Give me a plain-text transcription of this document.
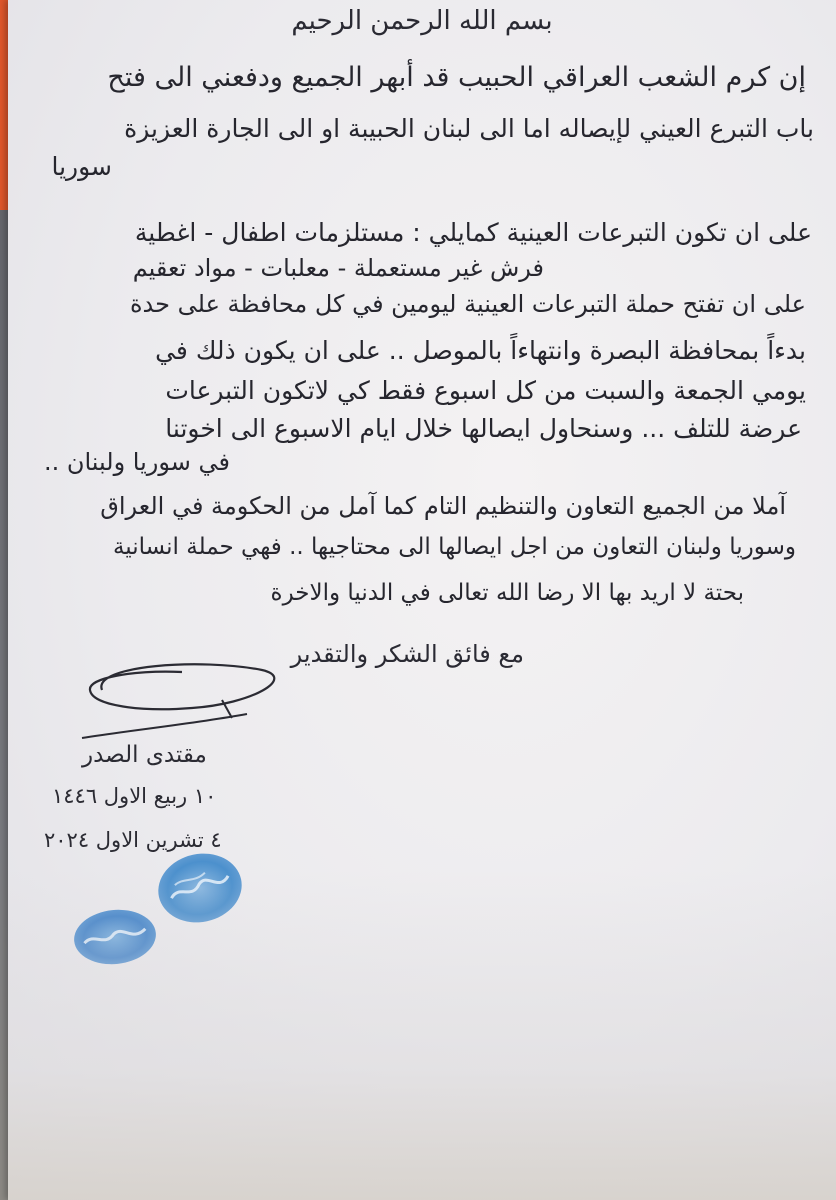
بسم الله الرحمن الرحيم
إن كرم الشعب العراقي الحبيب قد أبهر الجميع ودفعني الى فتح
باب التبرع العيني لإيصاله اما الى لبنان الحبيبة او الى الجارة العزيزة
سوريا
على ان تكون التبرعات العينية كمايلي : مستلزمات اطفال - اغطية
فرش غير مستعملة - معلبات - مواد تعقيم
على ان تفتح حملة التبرعات العينية ليومين في كل محافظة على حدة
بدءاً بمحافظة البصرة وانتهاءاً بالموصل .. على ان يكون ذلك في
يومي الجمعة والسبت من كل اسبوع فقط كي لاتكون التبرعات
عرضة للتلف ... وسنحاول ايصالها خلال ايام الاسبوع الى اخوتنا
في سوريا ولبنان ..
آملا من الجميع التعاون والتنظيم التام كما آمل من الحكومة في العراق
وسوريا ولبنان التعاون من اجل ايصالها الى محتاجيها .. فهي حملة انسانية
بحتة لا اريد بها الا رضا الله تعالى في الدنيا والاخرة
مع فائق الشكر والتقدير
مقتدى الصدر
١٠ ربيع الاول ١٤٤٦
٤ تشرين الاول ٢٠٢٤
